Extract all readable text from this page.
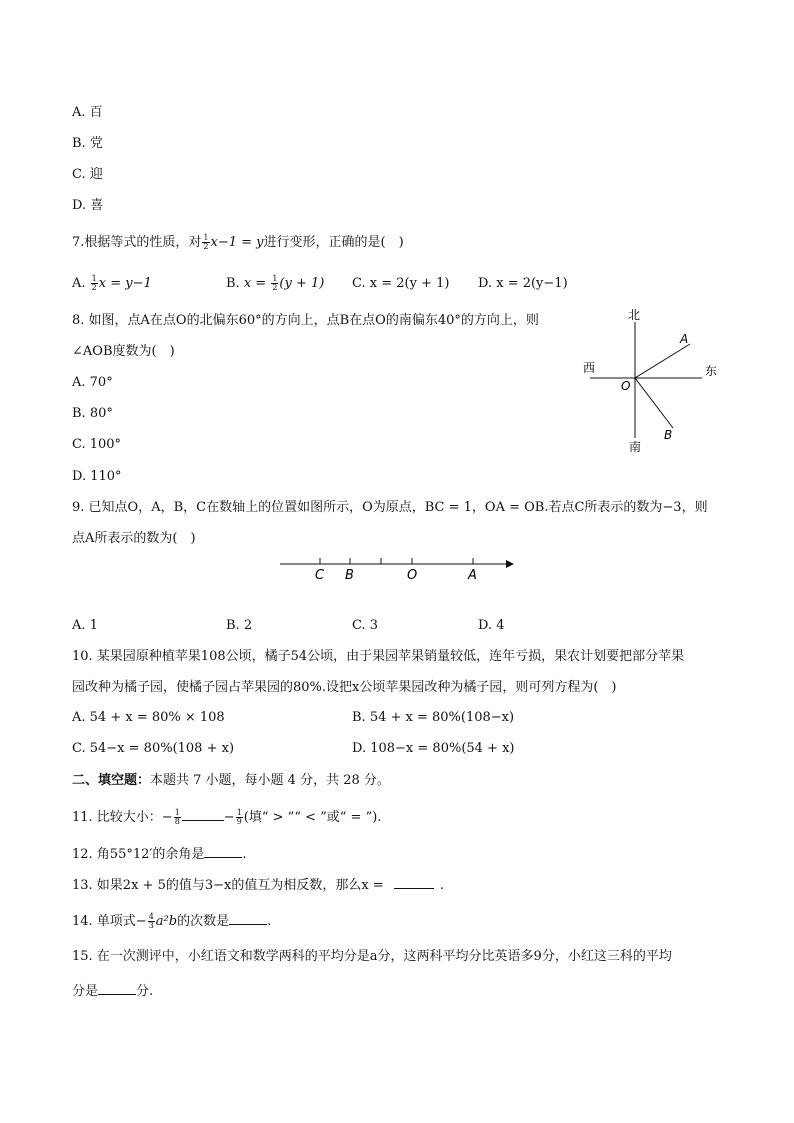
A. 百
B. 党
C. 迎
D. 喜
7.根据等式的性质，对 $\frac{1}{2} x-1 = y$进行变形，正确的是(　)
A. $\frac{1}{2}$ x = y−1	B. $x = \frac{1}{2} (y + 1)$ C. x = 2(y + 1) D. x = 2(y−1)
8. 如图，点A在点O的北偏东60°的方向上，点B在点O的南偏东40°的方向上，则
∠AOB度数为(　)
A. 70°
B. 80°
C. 100°
D. 110°
北
南
西	东
O
A
B
9. 已知点O，A，B，C在数轴上的位置如图所示，O为原点，BC = 1，OA = OB.若点C所表示的数为−3，则
点A所表示的数为(　)
C B	O	A
A. 1	B. 2	C. 3	D. 4
10. 某果园原种植苹果108公顷，橘子54公顷，由于果园苹果销量较低，连年亏损，果农计划要把部分苹果
园改种为橘子园，使橘子园占苹果园的80%.设把x公顷苹果园改种为橘子园，则可列方程为(　)
A. 54 + x = 80% × 108	B. 54 + x = 80%(108−x)
C. 54−x = 80%(108 + x)	D. 108−x = 80%(54 + x)
二、填空题：本题共 7 小题，每小题 4 分，共 28 分。
11. 比较大小：− $\frac{1}{8}$	− $\frac{1}{9}$ (填“ > ”“ < ”或“ = ”).
12. 角55°12′的余角是	.
13. 如果2x + 5的值与3−x的值互为相反数，那么x =	.
14. 单项式− $\frac{4}{3} a^2b$的次数是	.
15. 在一次测评中，小红语文和数学两科的平均分是a分，这两科平均分比英语多9分，小红这三科的平均
分是	分.
